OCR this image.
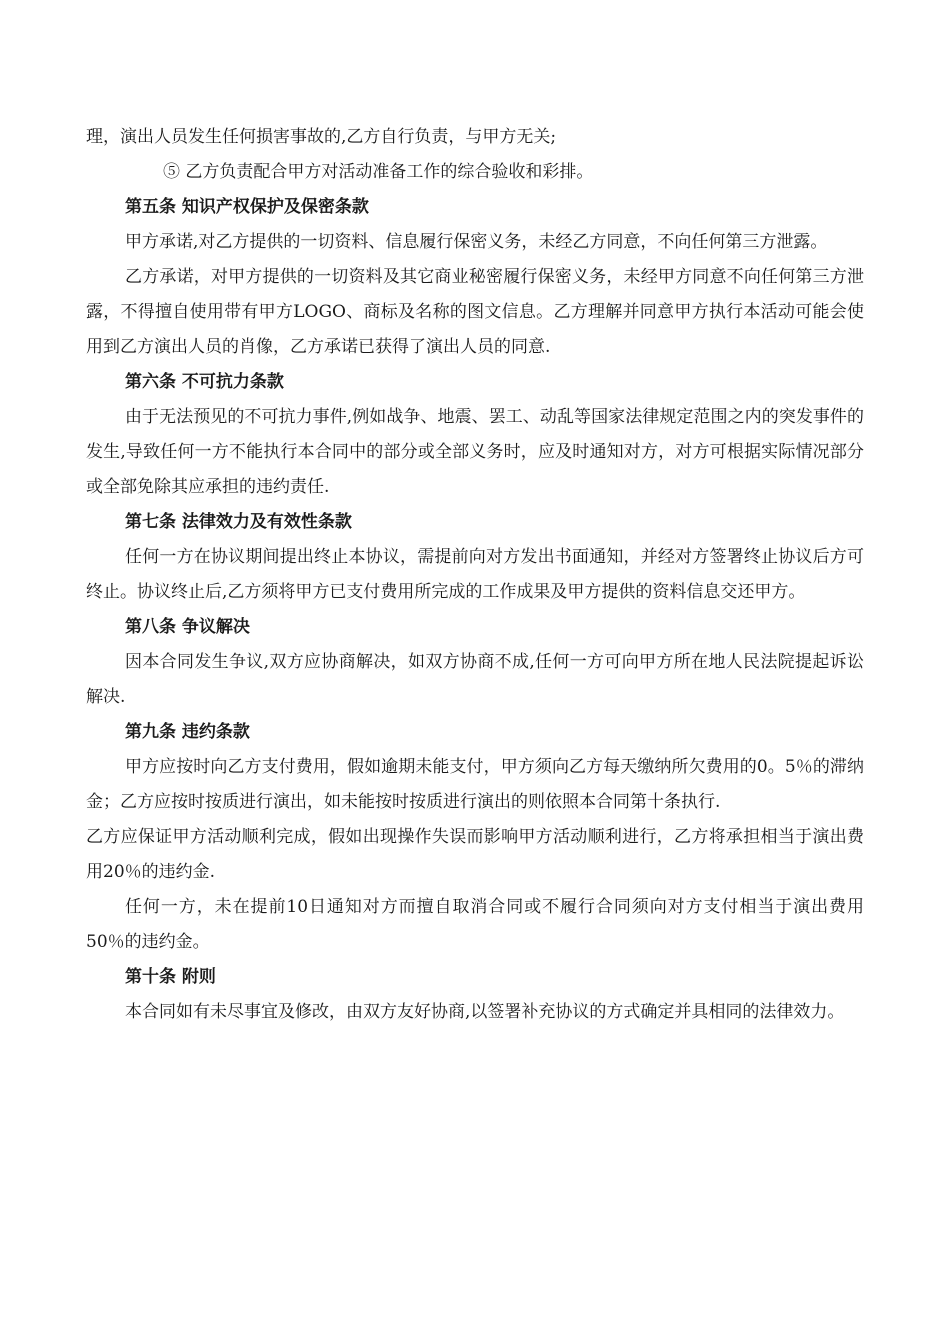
理，演出人员发生任何损害事故的,乙方自行负责，与甲方无关;

⑤ 乙方负责配合甲方对活动准备工作的综合验收和彩排。

第五条 知识产权保护及保密条款

甲方承诺,对乙方提供的一切资料、信息履行保密义务，未经乙方同意，不向任何第三方泄露。

乙方承诺，对甲方提供的一切资料及其它商业秘密履行保密义务，未经甲方同意不向任何第三方泄露，不得擅自使用带有甲方LOGO、商标及名称的图文信息。乙方理解并同意甲方执行本活动可能会使用到乙方演出人员的肖像，乙方承诺已获得了演出人员的同意.

第六条 不可抗力条款

由于无法预见的不可抗力事件,例如战争、地震、罢工、动乱等国家法律规定范围之内的突发事件的发生,导致任何一方不能执行本合同中的部分或全部义务时，应及时通知对方，对方可根据实际情况部分或全部免除其应承担的违约责任.

第七条 法律效力及有效性条款

任何一方在协议期间提出终止本协议，需提前向对方发出书面通知，并经对方签署终止协议后方可终止。协议终止后,乙方须将甲方已支付费用所完成的工作成果及甲方提供的资料信息交还甲方。

第八条 争议解决

因本合同发生争议,双方应协商解决，如双方协商不成,任何一方可向甲方所在地人民法院提起诉讼解决.

第九条 违约条款

甲方应按时向乙方支付费用，假如逾期未能支付，甲方须向乙方每天缴纳所欠费用的0。5％的滞纳金；乙方应按时按质进行演出，如未能按时按质进行演出的则依照本合同第十条执行.

乙方应保证甲方活动顺利完成，假如出现操作失误而影响甲方活动顺利进行，乙方将承担相当于演出费用20％的违约金.

任何一方，未在提前10日通知对方而擅自取消合同或不履行合同须向对方支付相当于演出费用50％的违约金。

第十条 附则

本合同如有未尽事宜及修改，由双方友好协商,以签署补充协议的方式确定并具相同的法律效力。
